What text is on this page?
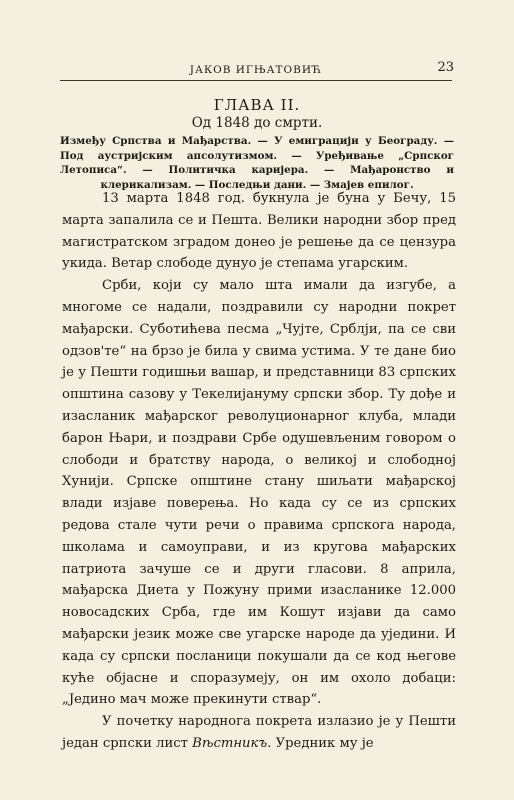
ЈАКОВ ИГЊАТОВИЋ	23
ГЛАВА II.
Од 1848 до смрти.
Између Српства и Мађарства. — У емиграцији у Београду. — Под аустријским апсолутизмом. — Уређивање „Српског Летописа“. — Политичка каријера. — Мађаронство и клерикализам. — Последњи дани. — Змајев епилог.

13 марта 1848 год. букнула је буна у Бечу, 15 марта запалила се и Пешта. Велики народни збор пред магистратском зградом донео је решење да се цензура укида. Ветар слободе дунуо је степама угарским.

Срби, који су мало шта имали да изгубе, а многоме се надали, поздравили су народни покрет мађарски. Суботићева песма „Чујте, Срблји, па се сви одзов'те“ на брзо је била у свима устима. У те дане био је у Пешти годишњи вашар, и представници 83 српских општина сазову у Текелијануму српски збор. Ту дође и изасланик мађарског револуционарног клуба, млади барон Њари, и поздрави Србе одушевљеним говором о слободи и братству народа, о великој и слободној Хунији. Српске општине стану шиљати мађарској влади изјаве поверења. Но када су се из српских редова стале чути речи о правима српскога народа, школама и самоуправи, и из кругова мађарских патриота зачуше се и други гласови. 8 априла, мађарска Диета у Пожуну прими изасланике 12.000 новосадских Срба, где им Кошут изјави да само мађарски језик може све угарске народе да уједини. И када су српски посланици покушали да се код његове куће објасне и споразумеју, он им охоло добаци: „Једино мач може прекинути ствар“.

У почетку народнога покрета излазио је у Пешти један српски лист Вѣстникъ. Уредник му је
